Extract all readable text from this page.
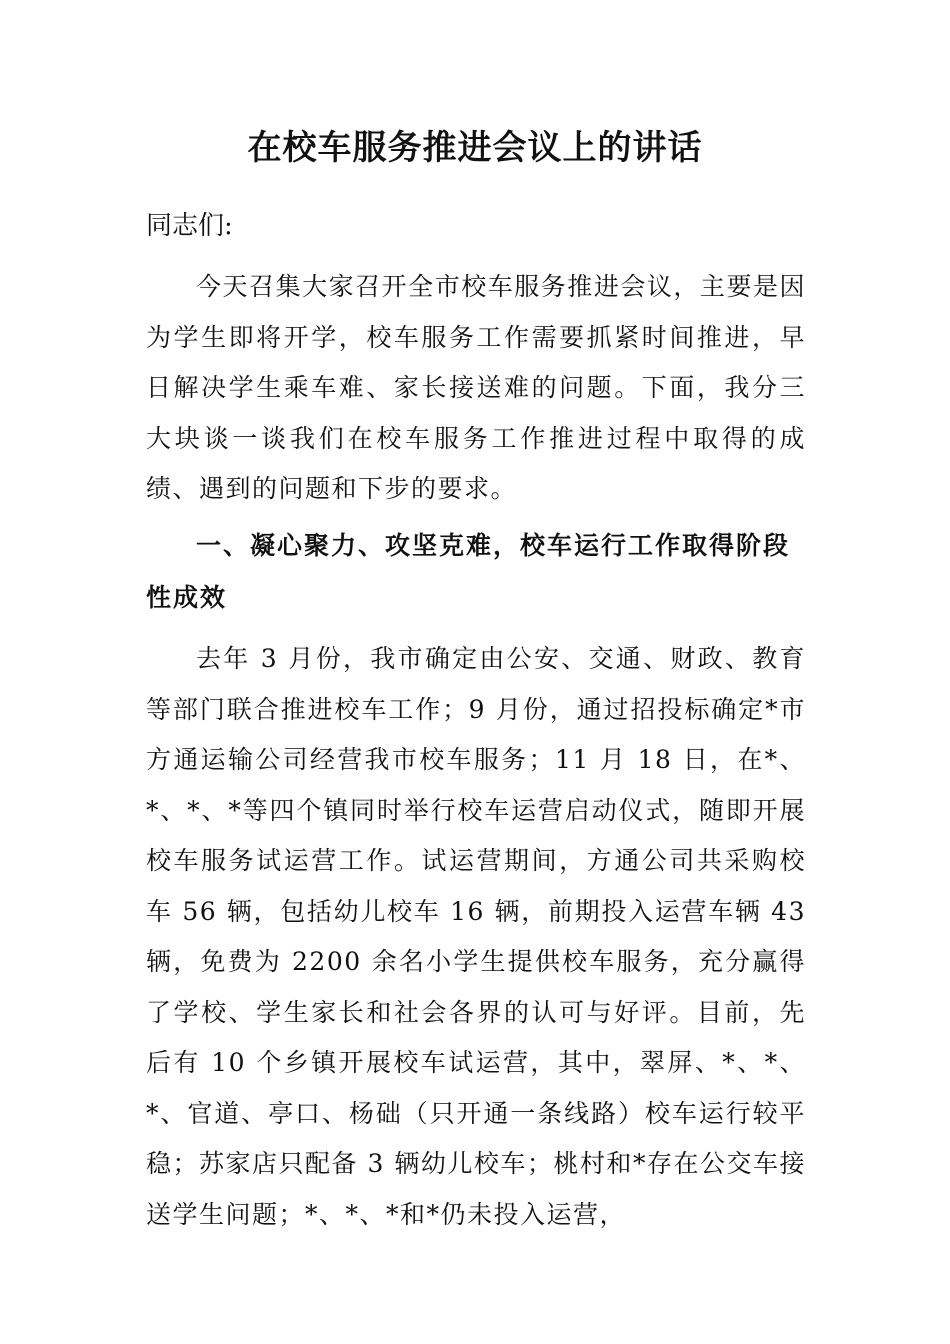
在校车服务推进会议上的讲话
同志们:

今天召集大家召开全市校车服务推进会议，主要是因为学生即将开学，校车服务工作需要抓紧时间推进，早日解决学生乘车难、家长接送难的问题。下面，我分三大块谈一谈我们在校车服务工作推进过程中取得的成绩、遇到的问题和下步的要求。

一、凝心聚力、攻坚克难，校车运行工作取得阶段性成效

去年 3 月份，我市确定由公安、交通、财政、教育等部门联合推进校车工作；9 月份，通过招投标确定*市方通运输公司经营我市校车服务；11 月 18 日，在*、*、*、*等四个镇同时举行校车运营启动仪式，随即开展校车服务试运营工作。试运营期间，方通公司共采购校车 56 辆，包括幼儿校车 16 辆，前期投入运营车辆 43 辆，免费为 2200 余名小学生提供校车服务，充分赢得了学校、学生家长和社会各界的认可与好评。目前，先后有 10 个乡镇开展校车试运营，其中，翠屏、*、*、*、官道、亭口、杨础（只开通一条线路）校车运行较平稳；苏家店只配备 3 辆幼儿校车；桃村和*存在公交车接送学生问题；*、*、*和*仍未投入运营，
